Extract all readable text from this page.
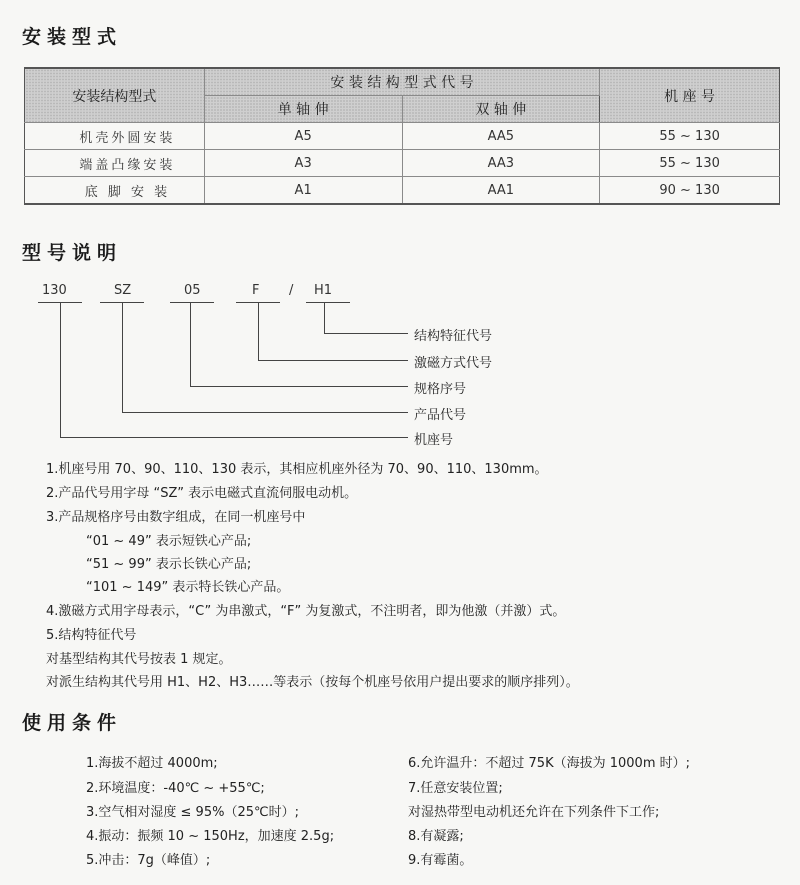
安装型式
安装结构型式	安 装 结 构 型 式 代 号		机 座 号
	单 轴 伸	双 轴 伸	
机壳外圆安装	A5	AA5	55 ~ 130
端盖凸缘安装	A3	AA3	55 ~ 130
底 脚 安 装	A1	AA1	90 ~ 130
型号说明
130	SZ	05	F / H1
结构特征代号
激磁方式代号
规格序号
产品代号
机座号
1.机座号用 70、90、110、130 表示，其相应机座外径为 70、90、110、130mm。
2.产品代号用字母 “SZ” 表示电磁式直流伺服电动机。
3.产品规格序号由数字组成，在同一机座号中
“01 ~ 49” 表示短铁心产品;
“51 ~ 99” 表示长铁心产品;
“101 ~ 149” 表示特长铁心产品。
4.激磁方式用字母表示，“C” 为串激式，“F” 为复激式，不注明者，即为他激（并激）式。
5.结构特征代号
对基型结构其代号按表 1 规定。
对派生结构其代号用 H1、H2、H3……等表示（按每个机座号依用户提出要求的顺序排列）。
使用条件
1.海拔不超过 4000m;
2.环境温度：-40℃ ~ +55℃;
3.空气相对湿度 ≤ 95%（25℃时）;
4.振动：振频 10 ~ 150Hz，加速度 2.5g;
5.冲击：7g（峰值）;
6.允许温升：不超过 75K（海拔为 1000m 时）;
7.任意安装位置;
对湿热带型电动机还允许在下列条件下工作;
8.有凝露;
9.有霉菌。
